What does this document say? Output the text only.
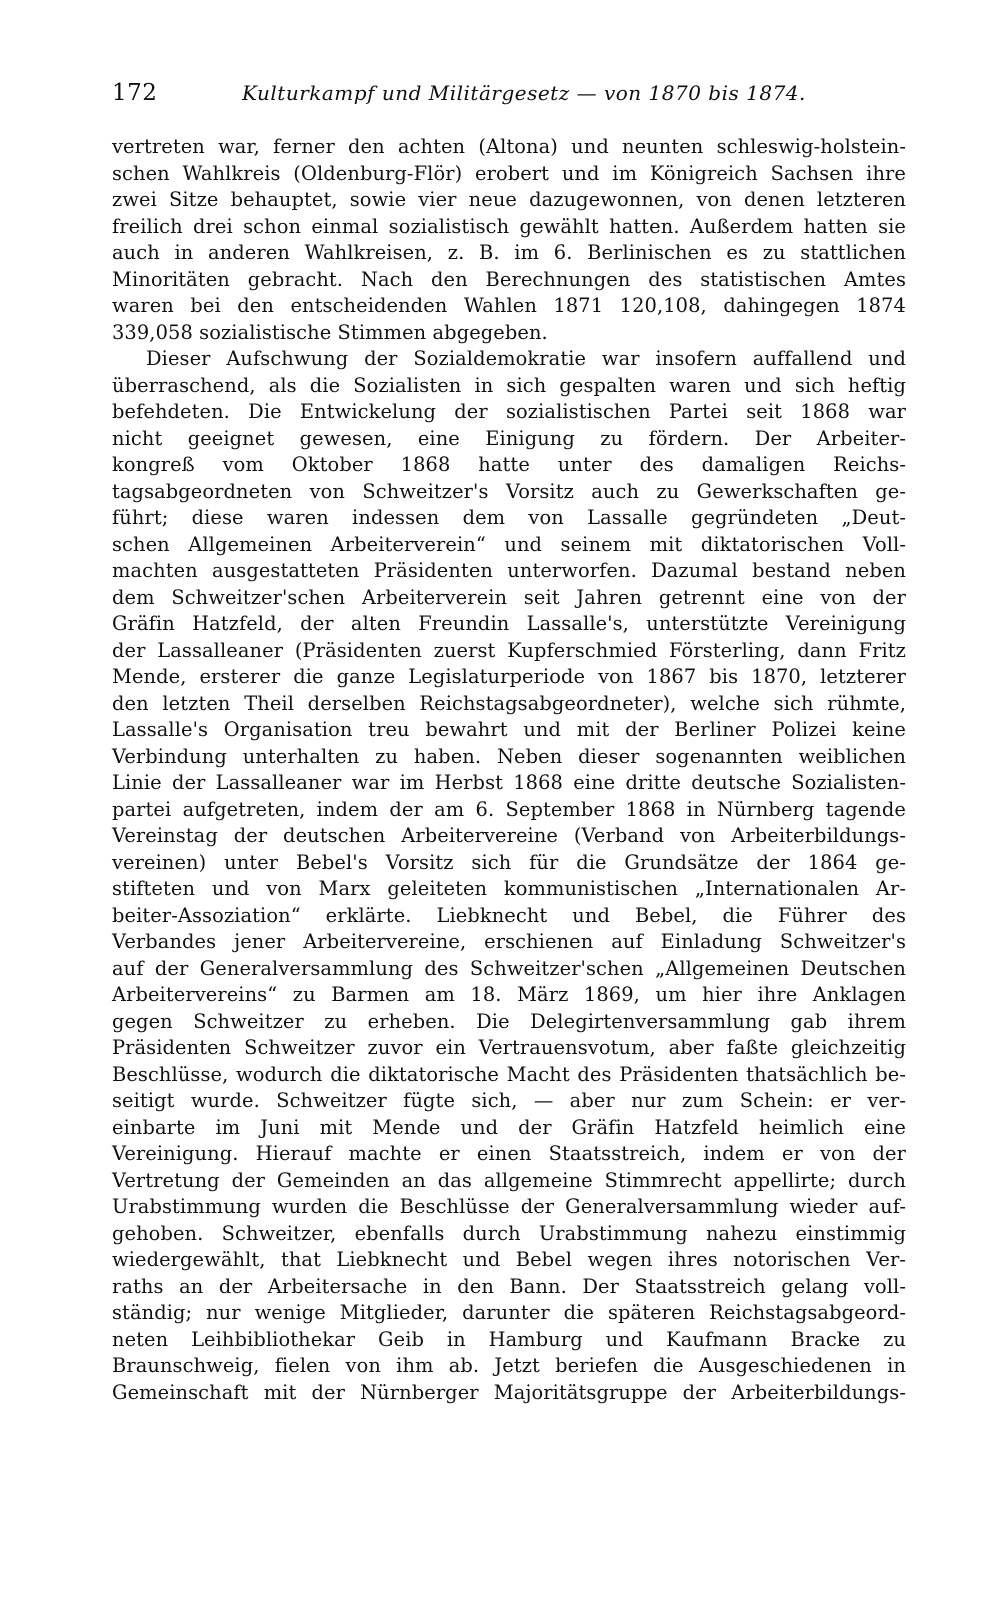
172	Kulturkampf und Militärgesetz — von 1870 bis 1874.
vertreten war, ferner den achten (Altona) und neunten schleswig-holstein-
schen Wahlkreis (Oldenburg-Flör) erobert und im Königreich Sachsen ihre
zwei Sitze behauptet, sowie vier neue dazugewonnen, von denen letzteren
freilich drei schon einmal sozialistisch gewählt hatten. Außerdem hatten sie
auch in anderen Wahlkreisen, z. B. im 6. Berlinischen es zu stattlichen
Minoritäten gebracht. Nach den Berechnungen des statistischen Amtes
waren bei den entscheidenden Wahlen 1871 120,108, dahingegen 1874
339,058 sozialistische Stimmen abgegeben.
Dieser Aufschwung der Sozialdemokratie war insofern auffallend und
überraschend, als die Sozialisten in sich gespalten waren und sich heftig
befehdeten. Die Entwickelung der sozialistischen Partei seit 1868 war
nicht geeignet gewesen, eine Einigung zu fördern. Der Arbeiter-
kongreß vom Oktober 1868 hatte unter des damaligen Reichs-
tagsabgeordneten von Schweitzer's Vorsitz auch zu Gewerkschaften ge-
führt; diese waren indessen dem von Lassalle gegründeten „Deut-
schen Allgemeinen Arbeiterverein“ und seinem mit diktatorischen Voll-
machten ausgestatteten Präsidenten unterworfen. Dazumal bestand neben
dem Schweitzer'schen Arbeiterverein seit Jahren getrennt eine von der
Gräfin Hatzfeld, der alten Freundin Lassalle's, unterstützte Vereinigung
der Lassalleaner (Präsidenten zuerst Kupferschmied Försterling, dann Fritz
Mende, ersterer die ganze Legislaturperiode von 1867 bis 1870, letzterer
den letzten Theil derselben Reichstagsabgeordneter), welche sich rühmte,
Lassalle's Organisation treu bewahrt und mit der Berliner Polizei keine
Verbindung unterhalten zu haben. Neben dieser sogenannten weiblichen
Linie der Lassalleaner war im Herbst 1868 eine dritte deutsche Sozialisten-
partei aufgetreten, indem der am 6. September 1868 in Nürnberg tagende
Vereinstag der deutschen Arbeitervereine (Verband von Arbeiterbildungs-
vereinen) unter Bebel's Vorsitz sich für die Grundsätze der 1864 ge-
stifteten und von Marx geleiteten kommunistischen „Internationalen Ar-
beiter-Assoziation“ erklärte. Liebknecht und Bebel, die Führer des
Verbandes jener Arbeitervereine, erschienen auf Einladung Schweitzer's
auf der Generalversammlung des Schweitzer'schen „Allgemeinen Deutschen
Arbeitervereins“ zu Barmen am 18. März 1869, um hier ihre Anklagen
gegen Schweitzer zu erheben. Die Delegirtenversammlung gab ihrem
Präsidenten Schweitzer zuvor ein Vertrauensvotum, aber faßte gleichzeitig
Beschlüsse, wodurch die diktatorische Macht des Präsidenten thatsächlich be-
seitigt wurde. Schweitzer fügte sich, — aber nur zum Schein: er ver-
einbarte im Juni mit Mende und der Gräfin Hatzfeld heimlich eine
Vereinigung. Hierauf machte er einen Staatsstreich, indem er von der
Vertretung der Gemeinden an das allgemeine Stimmrecht appellirte; durch
Urabstimmung wurden die Beschlüsse der Generalversammlung wieder auf-
gehoben. Schweitzer, ebenfalls durch Urabstimmung nahezu einstimmig
wiedergewählt, that Liebknecht und Bebel wegen ihres notorischen Ver-
raths an der Arbeitersache in den Bann. Der Staatsstreich gelang voll-
ständig; nur wenige Mitglieder, darunter die späteren Reichstagsabgeord-
neten Leihbibliothekar Geib in Hamburg und Kaufmann Bracke zu
Braunschweig, fielen von ihm ab. Jetzt beriefen die Ausgeschiedenen in
Gemeinschaft mit der Nürnberger Majoritätsgruppe der Arbeiterbildungs-
